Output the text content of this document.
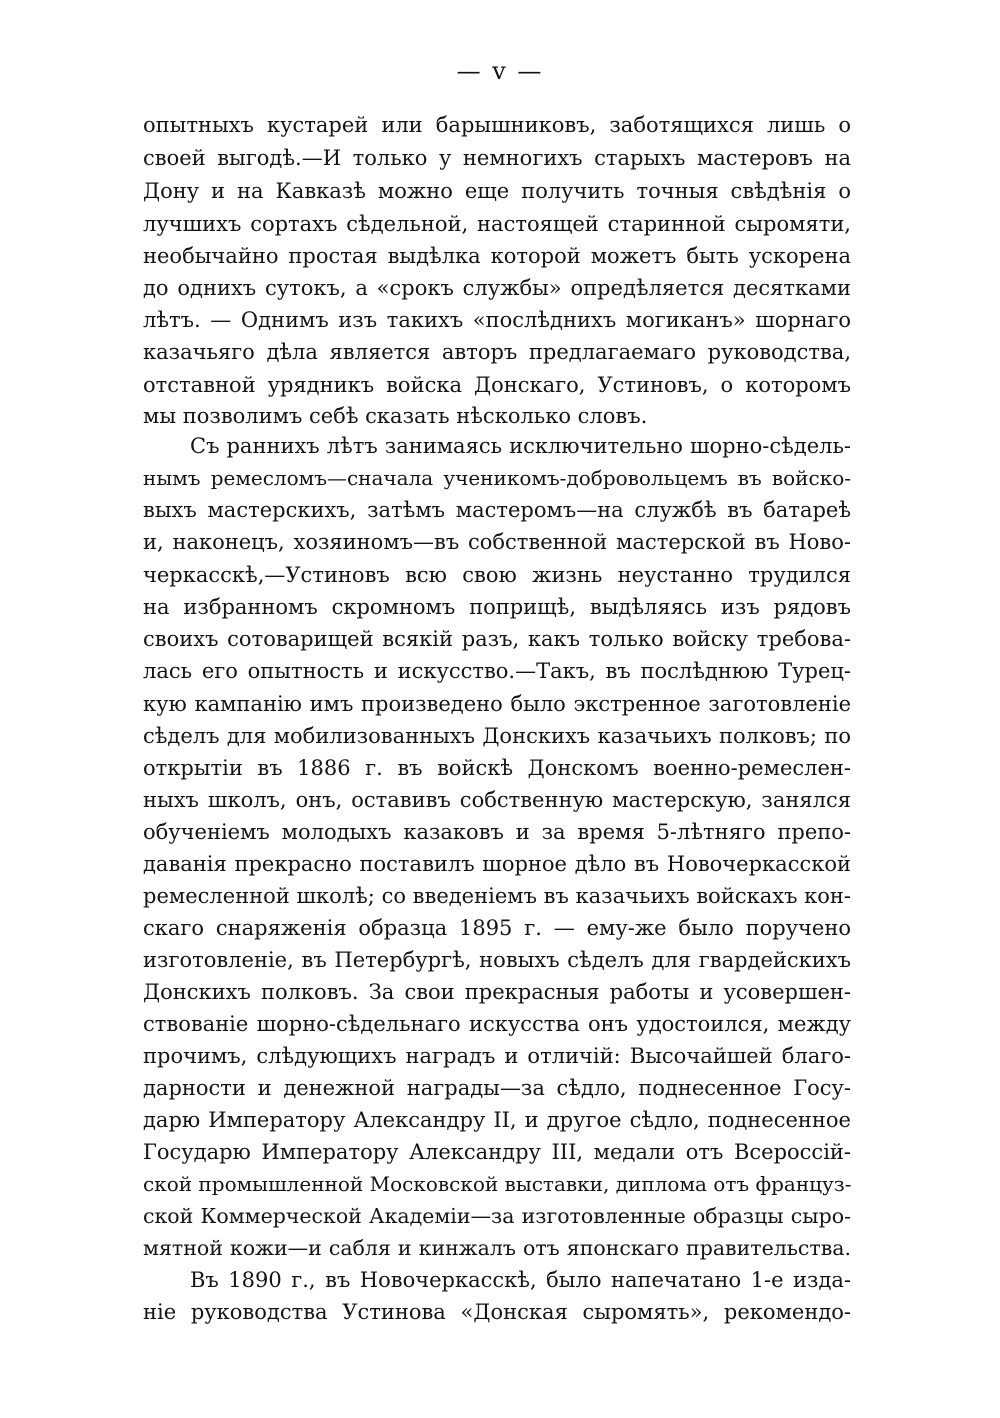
— v —
опытныхъ кустарей или барышниковъ, заботящихся лишь о
своей выгодѣ.—И только у немногихъ старыхъ мастеровъ на
Дону и на Кавказѣ можно еще получить точныя свѣдѣнія о
лучшихъ сортахъ сѣдельной, настоящей старинной сыромяти,
необычайно простая выдѣлка которой можетъ быть ускорена
до однихъ сутокъ, а «срокъ службы» опредѣляется десятками
лѣтъ. — Однимъ изъ такихъ «послѣднихъ могиканъ» шорнаго
казачьяго дѣла является авторъ предлагаемаго руководства,
отставной урядникъ войска Донскаго, Устиновъ, о которомъ
мы позволимъ себѣ сказать нѣсколько словъ.
Съ раннихъ лѣтъ занимаясь исключительно шорно-сѣдель-
нымъ ремесломъ—сначала ученикомъ-добровольцемъ въ войско-
выхъ мастерскихъ, затѣмъ мастеромъ—на службѣ въ батареѣ
и, наконецъ, хозяиномъ—въ собственной мастерской въ Ново-
черкасскѣ,—Устиновъ всю свою жизнь неустанно трудился
на избранномъ скромномъ поприщѣ, выдѣляясь изъ рядовъ
своихъ сотоварищей всякій разъ, какъ только войску требова-
лась его опытность и искусство.—Такъ, въ послѣднюю Турец-
кую кампанію имъ произведено было экстренное заготовленіе
сѣделъ для мобилизованныхъ Донскихъ казачьихъ полковъ; по
открытіи въ 1886 г. въ войскѣ Донскомъ военно-ремеслен-
ныхъ школъ, онъ, оставивъ собственную мастерскую, занялся
обученіемъ молодыхъ казаковъ и за время 5-лѣтняго препо-
даванія прекрасно поставилъ шорное дѣло въ Новочеркасской
ремесленной школѣ; со введеніемъ въ казачьихъ войскахъ кон-
скаго снаряженія образца 1895 г. — ему-же было поручено
изготовленіе, въ Петербургѣ, новыхъ сѣделъ для гвардейскихъ
Донскихъ полковъ. За свои прекрасныя работы и усовершен-
ствованіе шорно-сѣдельнаго искусства онъ удостоился, между
прочимъ, слѣдующихъ наградъ и отличій: Высочайшей благо-
дарности и денежной награды—за сѣдло, поднесенное Госу-
дарю Императору Александру II, и другое сѣдло, поднесенное
Государю Императору Александру III, медали отъ Всероссій-
ской промышленной Московской выставки, диплома отъ француз-
ской Коммерческой Академіи—за изготовленные образцы сыро-
мятной кожи—и сабля и кинжалъ отъ японскаго правительства.
Въ 1890 г., въ Новочеркасскѣ, было напечатано 1-е изда-
ніе руководства Устинова «Донская сыромять», рекомендо-
